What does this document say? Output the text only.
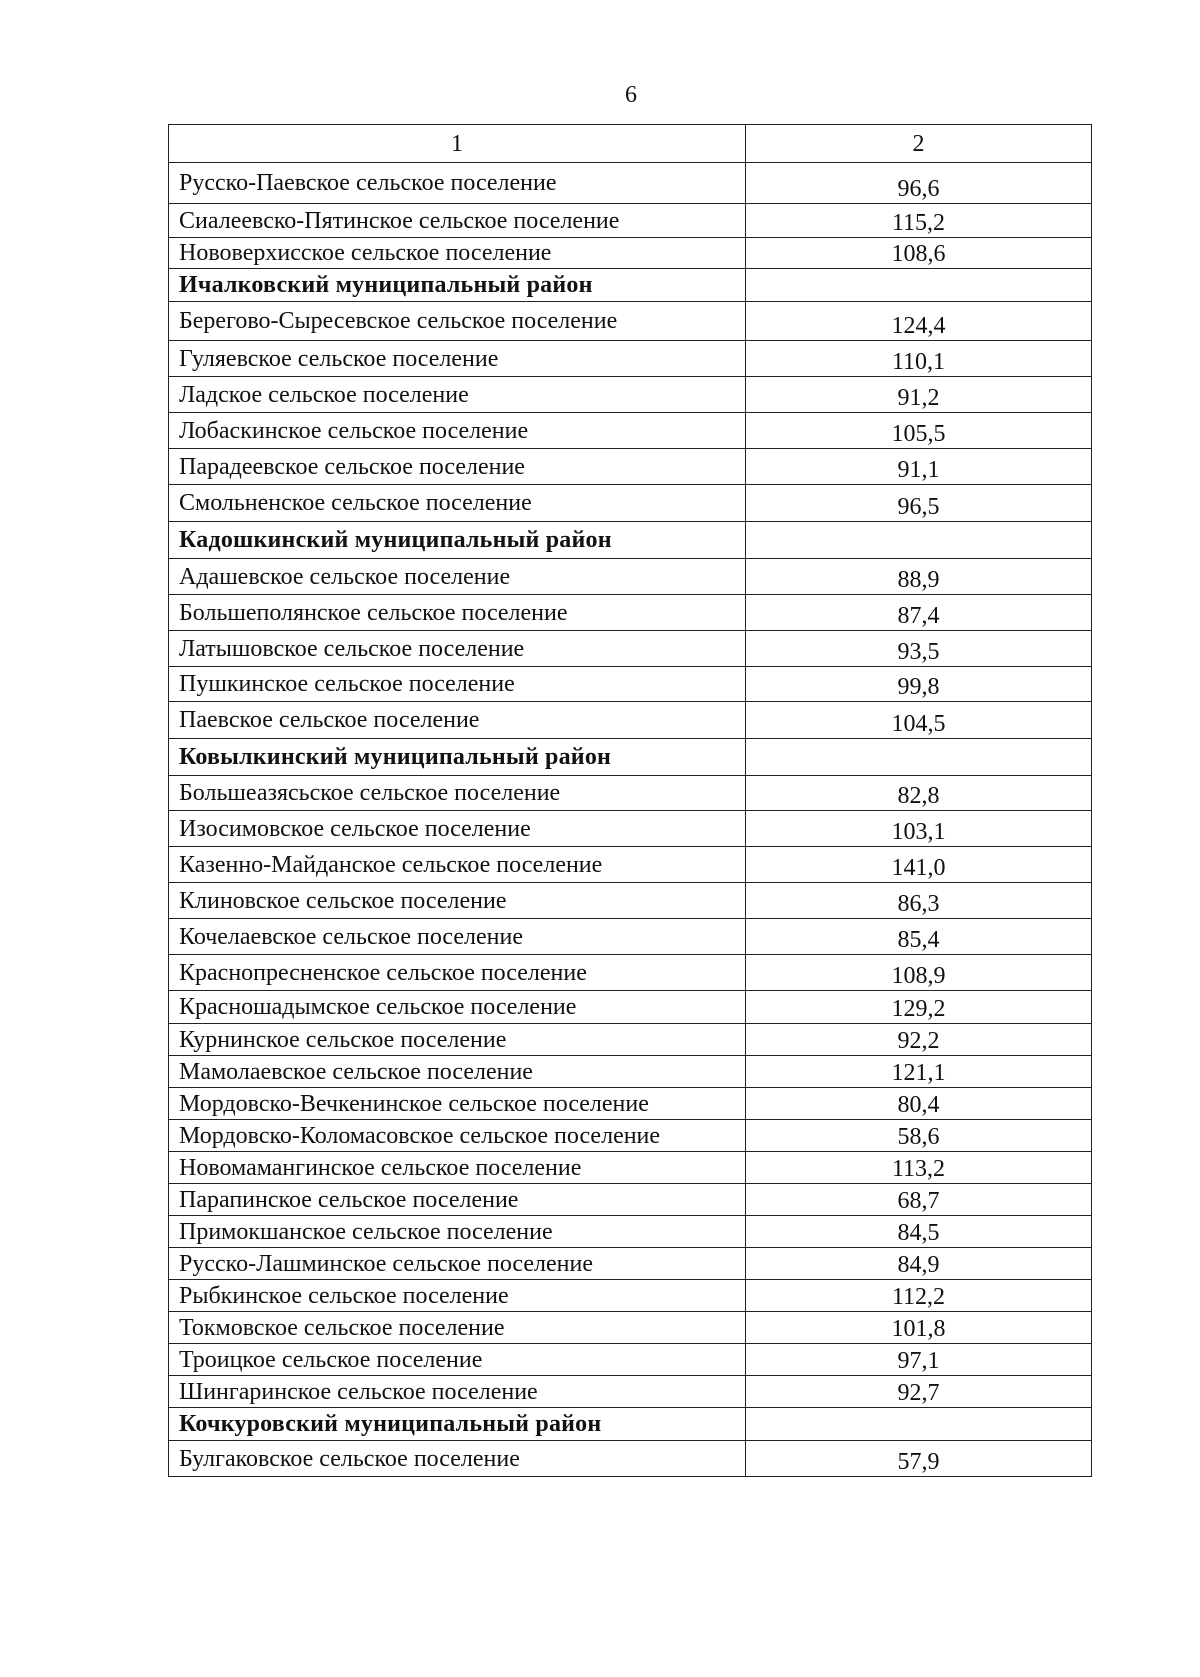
6
1	2
Русско-Паевское сельское поселение	96,6
Сиалеевско-Пятинское сельское поселение	115,2
Нововерхисское сельское поселение	108,6
Ичалковский муниципальный район	
Берегово-Сыресевское сельское поселение	124,4
Гуляевское сельское поселение	110,1
Ладское сельское поселение	91,2
Лобаскинское сельское поселение	105,5
Парадеевское сельское поселение	91,1
Смольненское сельское поселение	96,5
Кадошкинский муниципальный район	
Адашевское сельское поселение	88,9
Большеполянское сельское поселение	87,4
Латышовское сельское поселение	93,5
Пушкинское сельское поселение	99,8
Паевское сельское поселение	104,5
Ковылкинский муниципальный район	
Большеазясьское сельское поселение	82,8
Изосимовское сельское поселение	103,1
Казенно-Майданское сельское поселение	141,0
Клиновское сельское поселение	86,3
Кочелаевское сельское поселение	85,4
Краснопресненское сельское поселение	108,9
Красношадымское сельское поселение	129,2
Курнинское сельское поселение	92,2
Мамолаевское сельское поселение	121,1
Мордовско-Вечкенинское сельское поселение	80,4
Мордовско-Коломасовское сельское поселение	58,6
Новомамангинское сельское поселение	113,2
Парапинское сельское поселение	68,7
Примокшанское сельское поселение	84,5
Русско-Лашминское сельское поселение	84,9
Рыбкинское сельское поселение	112,2
Токмовское сельское поселение	101,8
Троицкое сельское поселение	97,1
Шингаринское сельское поселение	92,7
Кочкуровский муниципальный район	
Булгаковское сельское поселение	57,9
